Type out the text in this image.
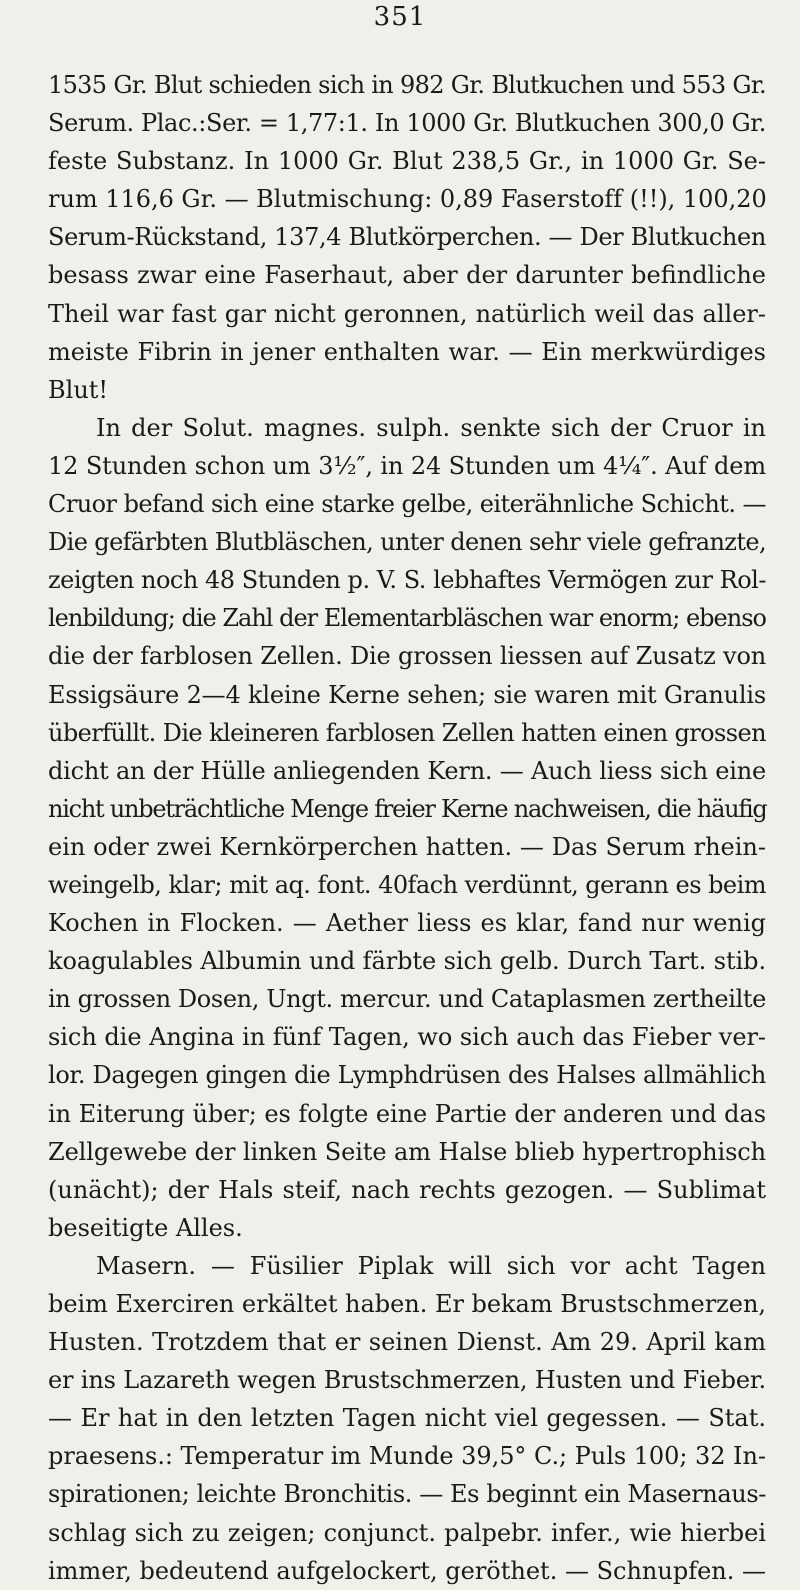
351
1535 Gr. Blut schieden sich in 982 Gr. Blutkuchen und 553 Gr.
Serum. Plac.:Ser. = 1,77:1. In 1000 Gr. Blutkuchen 300,0 Gr.
feste Substanz. In 1000 Gr. Blut 238,5 Gr., in 1000 Gr. Se-
rum 116,6 Gr. — Blutmischung: 0,89 Faserstoff (!!), 100,20
Serum-Rückstand, 137,4 Blutkörperchen. — Der Blutkuchen
besass zwar eine Faserhaut, aber der darunter befindliche
Theil war fast gar nicht geronnen, natürlich weil das aller-
meiste Fibrin in jener enthalten war. — Ein merkwürdiges
Blut!
In der Solut. magnes. sulph. senkte sich der Cruor in
12 Stunden schon um 3½″, in 24 Stunden um 4¼″. Auf dem
Cruor befand sich eine starke gelbe, eiterähnliche Schicht. —
Die gefärbten Blutbläschen, unter denen sehr viele gefranzte,
zeigten noch 48 Stunden p. V. S. lebhaftes Vermögen zur Rol-
lenbildung; die Zahl der Elementarbläschen war enorm; ebenso
die der farblosen Zellen. Die grossen liessen auf Zusatz von
Essigsäure 2—4 kleine Kerne sehen; sie waren mit Granulis
überfüllt. Die kleineren farblosen Zellen hatten einen grossen
dicht an der Hülle anliegenden Kern. — Auch liess sich eine
nicht unbeträchtliche Menge freier Kerne nachweisen, die häufig
ein oder zwei Kernkörperchen hatten. — Das Serum rhein-
weingelb, klar; mit aq. font. 40fach verdünnt, gerann es beim
Kochen in Flocken. — Aether liess es klar, fand nur wenig
koagulables Albumin und färbte sich gelb. Durch Tart. stib.
in grossen Dosen, Ungt. mercur. und Cataplasmen zertheilte
sich die Angina in fünf Tagen, wo sich auch das Fieber ver-
lor. Dagegen gingen die Lymphdrüsen des Halses allmählich
in Eiterung über; es folgte eine Partie der anderen und das
Zellgewebe der linken Seite am Halse blieb hypertrophisch
(unächt); der Hals steif, nach rechts gezogen. — Sublimat
beseitigte Alles.
Masern. — Füsilier Piplak will sich vor acht Tagen
beim Exerciren erkältet haben. Er bekam Brustschmerzen,
Husten. Trotzdem that er seinen Dienst. Am 29. April kam
er ins Lazareth wegen Brustschmerzen, Husten und Fieber.
— Er hat in den letzten Tagen nicht viel gegessen. — Stat.
praesens.: Temperatur im Munde 39,5° C.; Puls 100; 32 In-
spirationen; leichte Bronchitis. — Es beginnt ein Masernaus-
schlag sich zu zeigen; conjunct. palpebr. infer., wie hierbei
immer, bedeutend aufgelockert, geröthet. — Schnupfen. —
